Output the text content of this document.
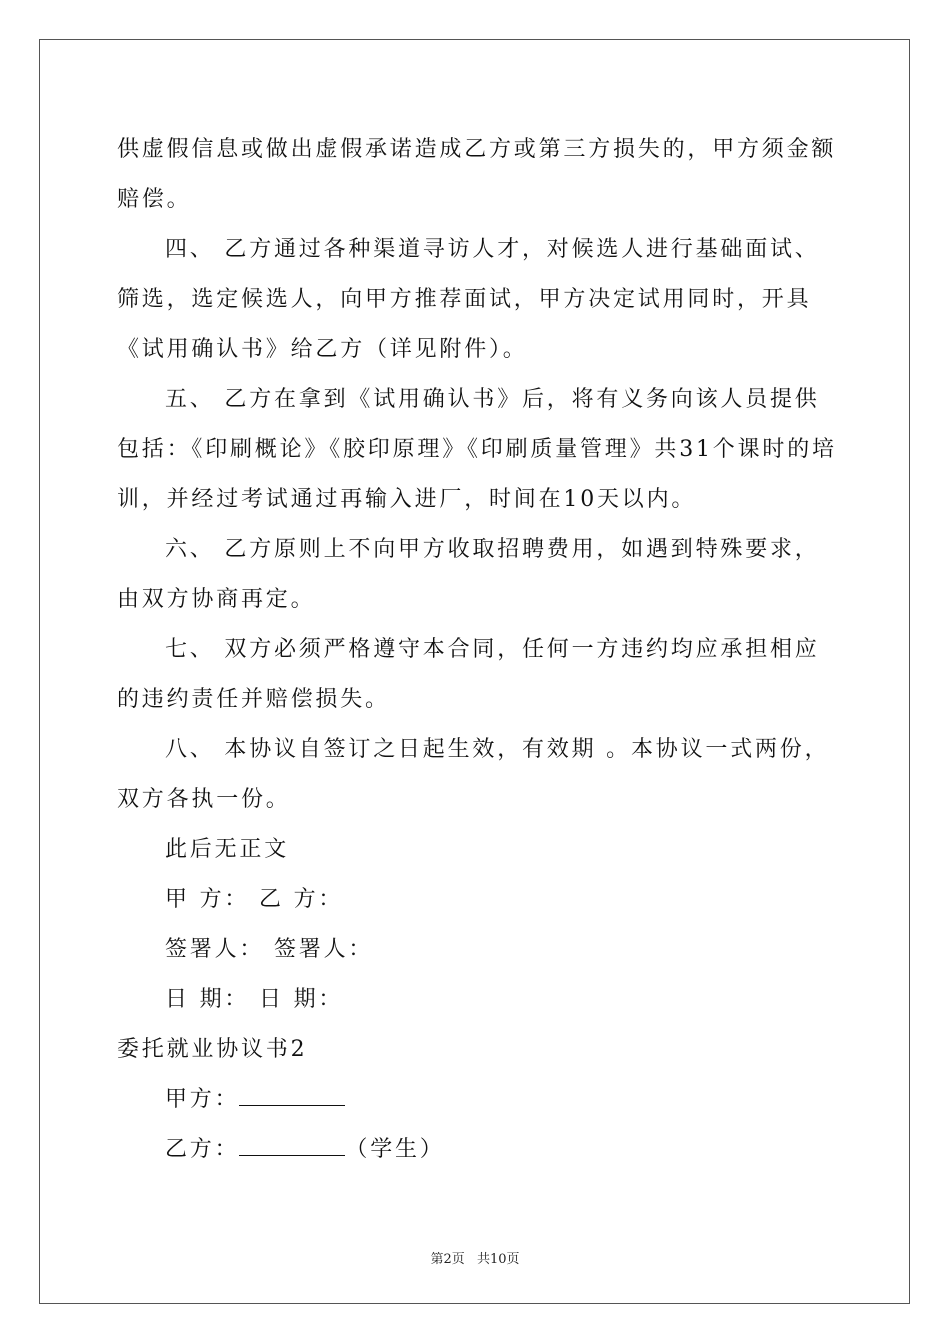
供虚假信息或做出虚假承诺造成乙方或第三方损失的，甲方须金额赔偿。

四、 乙方通过各种渠道寻访人才，对候选人进行基础面试、筛选，选定候选人，向甲方推荐面试，甲方决定试用同时，开具《试用确认书》给乙方（详见附件）。

五、 乙方在拿到《试用确认书》后，将有义务向该人员提供包括：《印刷概论》《胶印原理》《印刷质量管理》共31个课时的培训，并经过考试通过再输入进厂，时间在10天以内。

六、 乙方原则上不向甲方收取招聘费用，如遇到特殊要求，由双方协商再定。

七、 双方必须严格遵守本合同，任何一方违约均应承担相应的违约责任并赔偿损失。

八、 本协议自签订之日起生效，有效期 。本协议一式两份，双方各执一份。

此后无正文

甲 方： 乙 方：

签署人： 签署人：

日 期： 日 期：

委托就业协议书2

甲方：

乙方：	（学生）

第2页 共10页
